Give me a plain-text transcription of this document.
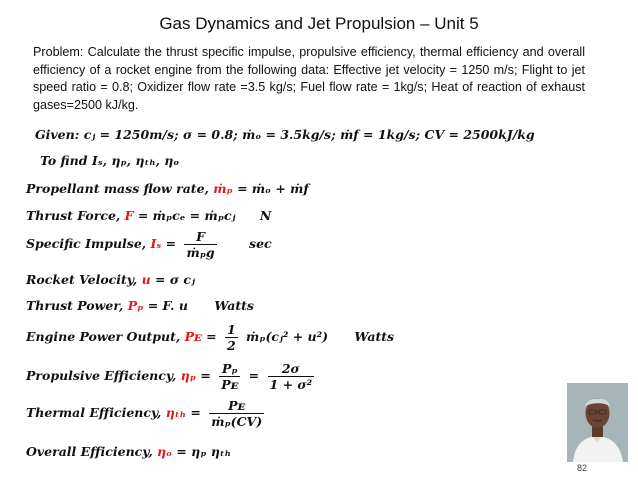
Gas Dynamics and Jet Propulsion – Unit 5
Problem: Calculate the thrust specific impulse, propulsive efficiency, thermal efficiency and overall efficiency of a rocket engine from the following data: Effective jet velocity = 1250 m/s; Flight to jet speed ratio = 0.8; Oxidizer flow rate =3.5 kg/s; Fuel flow rate = 1kg/s; Heat of reaction of exhaust gases=2500 kJ/kg.
Given: cⱼ = 1250m/s; σ = 0.8; ṁₒ = 3.5kg/s; ṁf = 1kg/s; CV = 2500kJ/kg
To find Iₛ, ηₚ, ηₜₕ, ηₒ
Propellant mass flow rate, ṁₚ = ṁₒ + ṁf
Thrust Force, F = ṁₚcₑ = ṁₚcⱼ N
Specific Impulse, $I_s = \frac{F}{\text{ṁₚg}}$	sec
Rocket Velocity, u = σ cⱼ
Thrust Power, Pₚ = F. u Watts
Engine Power Output, Pᴇ = $\frac{1}{2}$ ṁₚ(cⱼ² + u²) Watts
Propulsive Efficiency, $\eta_p = \frac{\text{Pₚ}}{\text{Pᴇ}} = \frac{2\sigma}{\text{1 + σ²}}$
Thermal Efficiency, $\eta_{th} = \frac{\text{Pᴇ}}{\text{ṁₚ(CV)}}$
Overall Efficiency, ηₒ = ηₚ ηₜₕ
82
